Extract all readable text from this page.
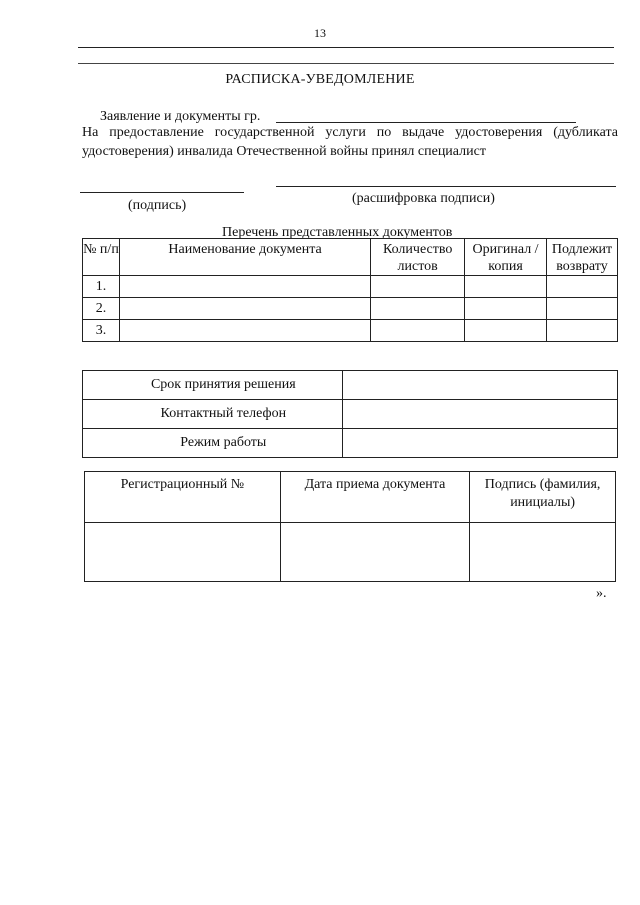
13
РАСПИСКА-УВЕДОМЛЕНИЕ
Заявление и документы гр.
На предоставление государственной услуги по выдаче удостоверения (дубликата удостоверения) инвалида Отечественной войны принял специалист
(подпись)	(расшифровка подписи)
Перечень представленных документов
№ п/п	Наименование документа	Количество листов	Оригинал /копия	Подлежит возврату
1.				
2.				
3.				
Срок принятия решения	
Контактный телефон	
Режим работы	
Регистрационный №	Дата приема документа	Подпись (фамилия, инициалы)

».
